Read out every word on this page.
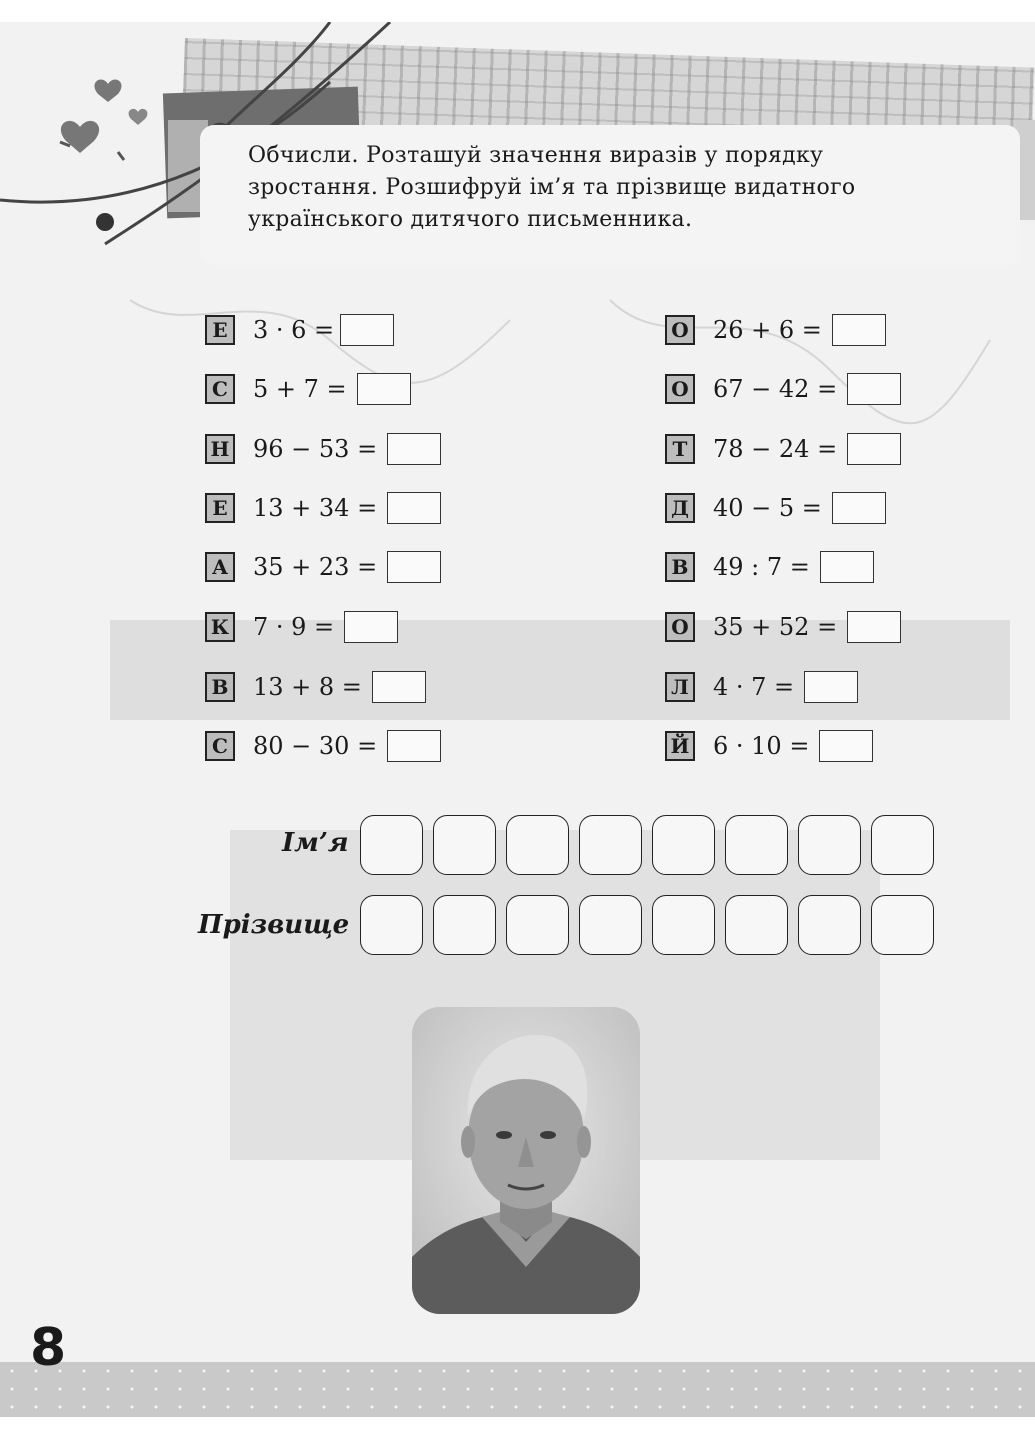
Обчисли. Розташуй значення виразів у порядку

зростання. Розшифруй ім’я та прізвище видатного

українського дитячого письменника.

Е	3 · 6 =
С 5 + 7 =
Н 96 − 53 =
Е	13 + 34 =
А 35 + 23 =
К 7 · 9 =
В 13 + 8 =
С 80 − 30 =
О 26 + 6 =
О 67 − 42 =
Т	78 − 24 =
Д 40 − 5 =
В 49 : 7 =
О 35 + 52 =
Л 4 · 7 =
Й 6 · 10 =
Ім’я
Прізвище
8
